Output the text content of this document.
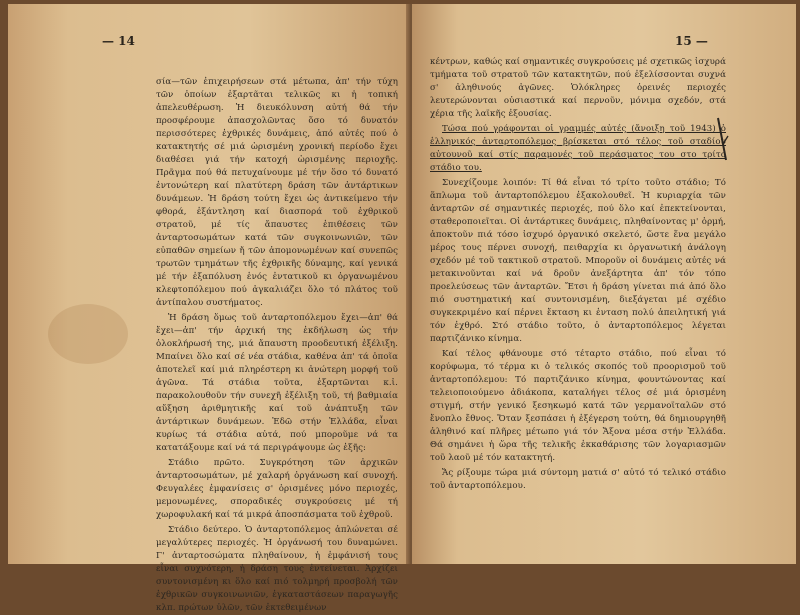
— 14

σία—τῶν ἐπιχειρήσεων στά μέτωπα, ἀπ' τήν τύχη τῶν ὁποίων ἐξαρτᾶται τελικῶς κι ἡ τοπική ἀπελευθέρωση. Ἡ διευκόλυνση αὐτή θά τήν προσφέρουμε ἀπασχολῶντας ὅσο τό δυνατόν περισσότερες ἐχθρικές δυνάμεις, ἀπό αὐτές πού ὁ κατακτητής σέ μιά ὡρισμένη χρονική περίοδο ἔχει διαθέσει γιά τήν κατοχή ὡρισμένης περιοχῆς. Πρᾶγμα πού θά πετυχαίνουμε μέ τήν ὅσο τό δυνατό ἐντονώτερη καί πλατύτερη δράση τῶν ἀντάρτικων δυνάμεων. Ἡ δράση τούτη ἔχει ὡς ἀντικείμενο τήν φθορά, ἐξάντληση καί διασπορά τοῦ ἐχθρικοῦ στρατοῦ, μέ τίς ἄπαυστες ἐπιθέσεις τῶν ἀνταρτοσωμάτων κατά τῶν συγκοινωνιῶν, τῶν εὐπαθῶν σημείων ἤ τῶν ἀπομονωμένων καί συνεπῶς τρωτῶν τμημάτων τῆς ἐχθρικῆς δύναμης, καί γενικά μέ τήν ἐξαπόλυση ἑνός ἐντατικοῦ κι ὀργανωμένου κλεφτοπόλεμου πού ἀγκαλιάζει ὅλο τό πλάτος τοῦ ἀντίπαλου συστήματος.

Ἡ δράση ὅμως τοῦ ἀνταρτοπόλεμου ἔχει—ἀπ' θά ἔχει—ἀπ' τήν ἀρχική της ἐκδήλωση ὡς τήν ὁλοκλήρωσή της, μιά ἄπαυστη προοδευτική ἐξέλιξη. Μπαίνει ὅλο καί σέ νέα στάδια, καθένα ἀπ' τά ὁποῖα ἀποτελεῖ καί μιά πληρέστερη κι ἀνώτερη μορφή τοῦ ἀγῶνα. Τά στάδια τοῦτα, ἐξαρτῶνται κ.ἰ. παρακολουθοῦν τήν συνεχῆ ἐξέλιξη τοῦ, τή βαθμιαία αὔξηση ἀριθμητικῆς καί τοῦ ἀνάπτυξη τῶν ἀντάρτικων δυνάμεων. Ἐδῶ στήν Ἑλλάδα, εἶναι κυρίως τά στάδια αὐτά, πού μποροῦμε νά τα κατατάξουμε καί νά τά περιγράψουμε ὡς ἑξῆς:

Στάδιο πρῶτο. Συγκρότηση τῶν ἀρχικῶν ἀνταρτοσωμάτων, μέ χαλαρή ὀργάνωση καί συνοχή. Φευγαλέες ἐμφανίσεις σ' ὁρισμένες μόνο περιοχές, μεμονωμένες, σποραδικές συγκρούσεις μέ τή χωροφυλακή καί τά μικρά ἀποσπάσματα τοῦ ἐχθροῦ.

Στάδιο δεύτερο. Ὁ ἀνταρτοπόλεμος ἁπλώνεται σέ μεγαλύτερες περιοχές. Ἡ ὀργάνωσή του δυναμώνει. Γ' ἀνταρτοσώματα πληθαίνουν, ἡ ἐμφάνισή τους εἶναι συχνότερη, ἡ δράση τους ἐντείνεται. Ἀρχίζει συντονισμένη κι ὅλο καί πιό τολμηρή προσβολή τῶν ἐχθρικῶν συγκοινωνιῶν, ἐγκαταστάσεων παραγωγῆς κλπ. πρώτων ὑλῶν, τῶν ἐκτεθειμένων

15 —

κέντρων, καθώς καί σημαντικές συγκρούσεις μέ σχετικῶς ἰσχυρά τμήματα τοῦ στρατοῦ τῶν κατακτητῶν, πού ἐξελίσσονται συχνά σ' ἀληθινούς ἀγῶνες. Ὁλόκληρες ὀρεινές περιοχές λευτερώνονται οὐσιαστικά καί περνοῦν, μόνιμα σχεδόν, στά χέρια τῆς λαϊκῆς ἐξουσίας.

Τώσα πού γράφονται οἱ γραμμές αὐτές (ἄνοιξη τοῦ 1943) ὁ ἑλληνικός ἀνταρτοπόλεμος βρίσκεται στό τέλος τοῦ σταδίου αὐτουνοῦ καί στίς παραμονές τοῦ περάσματος του στο τρίτο στάδιο του.

Συνεχίζουμε λοιπόν: Τί θά εἶναι τό τρίτο τοῦτο στάδιο; Τό ἅπλωμα τοῦ ἀνταρτοπόλεμου ἐξακολουθεῖ. Ἡ κυριαρχία τῶν ἀνταρτῶν σέ σημαντικές περιοχές, πού ὅλο καί ἐπεκτείνονται, σταθεροποιεῖται. Οἱ ἀντάρτικες δυνάμεις, πληθαίνοντας μ' ὁρμή, ἀποκτοῦν πιά τόσο ἰσχυρό ὀργανικό σκελετό, ὥστε ἕνα μεγάλο μέρος τους πέρνει συνοχή, πειθαρχία κι ὀργανωτική ἀνάλογη σχεδόν μέ τοῦ τακτικοῦ στρατοῦ. Μποροῦν οἱ δυνάμεις αὐτές νά μετακινοῦνται καί νά δροῦν ἀνεξάρτητα ἀπ' τόν τόπο προελεύσεως τῶν ἀνταρτῶν. Ἔτσι ἡ δράση γίνεται πιά ἀπό ὅλο πιό συστηματική καί συντονισμένη, διεξάγεται μέ σχέδιο συγκεκριμένο καί πέρνει ἔκταση κι ἐνταση πολύ ἀπειλητική γιά τόν ἐχθρό. Στό στάδιο τοῦτο, ὁ ἀνταρτοπόλεμος λέγεται παρτιζάνικο κίνημα.

Καί τέλος φθάνουμε στό τέταρτο στάδιο, πού εἶναι τό κορύφωμα, τό τέρμα κι ὁ τελικός σκοπός τοῦ προορισμοῦ τοῦ ἀνταρτοπόλεμου: Τό παρτιζάνικο κίνημα, φουντώνοντας καί τελειοποιούμενο ἀδιάκοπα, καταλήγει τέλος σέ μιά ὁρισμένη στιγμή, στήν γενικό ξεσηκωμό κατά τῶν γερμανοϊταλῶν στό ἔνοπλο ἔθνος. Ὅταν ξεσπάσει ἡ ἐξέγερση τούτη, θά δημιουργηθῆ ἀληθινό καί πλῆρες μέτωπο γιά τόν Ἄξονα μέσα στήν Ἑλλάδα. Θά σημάνει ἡ ὥρα τῆς τελικῆς ἐκκαθάρισης τῶν λογαριασμῶν τοῦ λαοῦ μέ τόν κατακτητή.

Ἄς ρίξουμε τώρα μιά σύντομη ματιά σ' αὐτό τό τελικό στάδιο τοῦ ἀνταρτοπόλεμου.
